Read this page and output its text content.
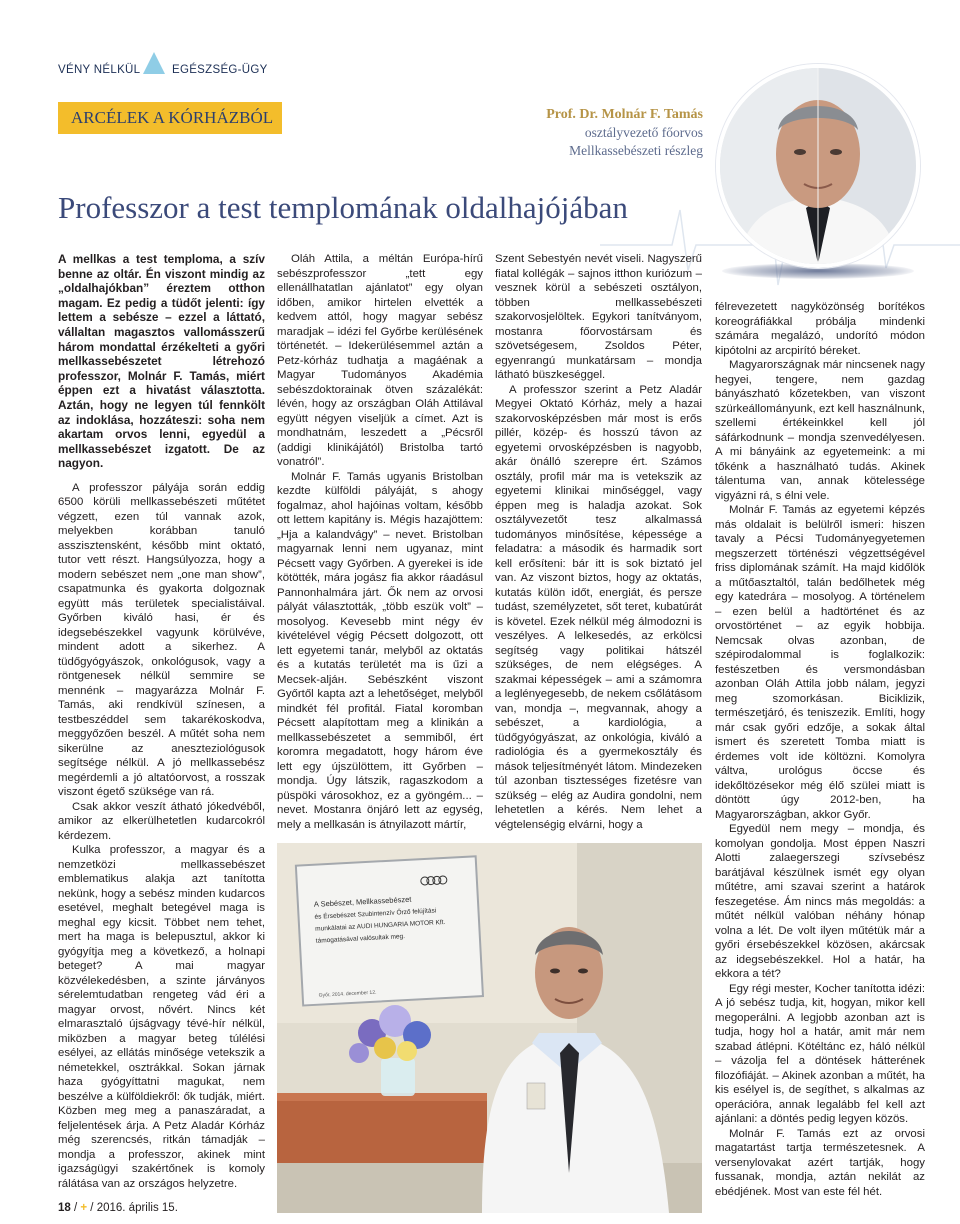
VÉNY NÉLKÜL	EGÉSZSÉG-ÜGY
ARCÉLEK A KÓRHÁZBÓL	Prof. Dr. Molnár F. Tamás
osztályvezető főorvos
Mellkassebészeti részleg
Professzor a test templomának oldalhajójában

A mellkas a test temploma, a szív benne az oltár. Én viszont mindig az „oldalhajókban” éreztem otthon magam. Ez pedig a tüdőt jelenti: így lettem a sebésze – ezzel a láttató, vállaltan magasztos vallomásszerű három mondattal érzékelteti a győri mellkassebészetet létrehozó professzor, Molnár F. Tamás, miért éppen ezt a hivatást választotta. Aztán, hogy ne legyen túl fennkölt az indoklása, hozzáteszi: soha nem akartam orvos lenni, egyedül a mellkassebészet izgatott. De az nagyon.

A professzor pályája során eddig 6500 körüli mellkassebészeti műtétet végzett, ezen túl vannak azok, melyekben korábban tanuló asszisztensként, később mint oktató, tutor vett részt. Hangsúlyozza, hogy a modern sebészet nem „one man show”, csapatmunka és gyakorta dolgoznak együtt más területek specialistáival. Győrben kiváló hasi, ér és idegsebészekkel vagyunk körülvéve, mindent adott a sikerhez. A tüdőgyógyászok, onkológusok, vagy a röntgenesek nélkül semmire se mennénk – magyarázza Molnár F. Tamás, aki rendkívül színesen, a testbeszéddel sem takarékoskodva, meggyőzően beszél. A műtét soha nem sikerülne az aneszteziológusok segítsége nélkül. A jó mellkassebész megérdemli a jó altatóorvost, a rosszak viszont égető szüksége van rá.

Csak akkor veszít átható jókedvéből, amikor az elkerülhetetlen kudarcokról kérdezem.

Kulka professzor, a magyar és a nemzetközi mellkassebészet emblematikus alakja azt tanította nekünk, hogy a sebész minden kudarcos esetével, meghalt betegével maga is meghal egy kicsit. Többet nem tehet, mert ha maga is belepusztul, akkor ki gyógyítja meg a következő, a holnapi beteget? A mai magyar közvélekedésben, a szinte járványos sérelemtudatban rengeteg vád éri a magyar orvost, nővért. Nincs két elmarasztaló újságvagy tévé-hír nélkül, miközben a magyar beteg túlélési esélyei, az ellátás minősége vetekszik a németekkel, osztrákkal. Sokan járnak haza gyógyíttatni magukat, nem beszélve a külföldiekről: ők tudják, miért. Közben meg meg a panaszáradat, a feljelentések árja. A Petz Aladár Kórház még szerencsés, ritkán támadják – mondja a professzor, akinek mint igazságügyi szakértőnek is komoly rálátása van az országos helyzetre.

Oláh Attila, a méltán Európa-hírű sebészprofesszor „tett egy ellenállhatatlan ajánlatot” egy olyan időben, amikor hirtelen elvették a kedvem attól, hogy magyar sebész maradjak – idézi fel Győrbe kerülésének történetét. – Idekerülésemmel aztán a Petz-kórház tudhatja a magáénak a Magyar Tudományos Akadémia sebészdoktorainak ötven százalékát: lévén, hogy az országban Oláh Attilával együtt négyen viseljük a címet. Azt is mondhatnám, leszedett a „Pécsről (addigi klinikájától) Bristolba tartó vonatról”.

Molnár F. Tamás ugyanis Bristolban kezdte külföldi pályáját, s ahogy fogalmaz, ahol hajóinas voltam, később ott lettem kapitány is. Mégis hazajöttem: „Hja a kalandvágy” – nevet. Bristolban magyarnak lenni nem ugyanaz, mint Pécsett vagy Győrben. A gyerekei is ide kötötték, mára jogász fia akkor ráadásul Pannonhalmára járt. Ők nem az orvosi pályát választották, „több eszük volt” – mosolyog. Kevesebb mint négy év kivételével végig Pécsett dolgozott, ott lett egyetemi tanár, melyből az oktatás és a kutatás területét ma is űzi a Mecsek-aljáн. Sebészként viszont Győrtől kapta azt a lehetőséget, melyből mindkét fél profitál. Fiatal koromban Pécsett alapítottam meg a klinikán a mellkassebészetet a semmiből, ért koromra megadatott, hogy három éve lett egy újszülöttem, itt Győrben – mondja. Úgy látszik, ragaszkodom a püspöki városokhoz, ez a gyöngém... – nevet. Mostanra önjáró lett az egység, mely a mellkasán is átnyilazott mártír,

Szent Sebestyén nevét viseli. Nagyszerű fiatal kollégák – sajnos itthon kuriózum – vesznek körül a sebészeti osztályon, többen mellkassebészeti szakorvosjelöltek. Egykori tanítványom, mostanra főorvostársam és szövetségesem, Zsoldos Péter, egyenrangú munkatársam – mondja látható büszkeséggel.

A professzor szerint a Petz Aladár Megyei Oktató Kórház, mely a hazai szakorvosképzésben már most is erős pillér, közép- és hosszú távon az egyetemi orvosképzésben is nagyobb, akár önálló szerepre ért. Számos osztály, profil már ma is vetekszik az egyetemi klinikai minőséggel, vagy éppen meg is haladja azokat. Sok osztályvezetőt tesz alkalmassá tudományos minősítése, képessége a feladatra: a második és harmadik sort kell erősíteni: bár itt is sok biztató jel van. Az viszont biztos, hogy az oktatás, kutatás külön időt, energiát, és persze tudást, személyzetet, sőt teret, kubatúrát is követel. Ezek nélkül még álmodozni is veszélyes. A lelkesedés, az erkölcsi segítség vagy politikai hátszél szükséges, de nem elégséges. A szakmai képességek – ami a számomra a leglényegesebb, de nekem csőlátásom van, mondja –, megvannak, ahogy a sebészet, a kardiológia, a tüdőgyógyászat, az onkológia, kiváló a radiológia és a gyermekosztály és mások teljesítményét látom. Mindezeken túl azonban tisztességes fizetésre van szükség – elég az Audira gondolni, nem lehetetlen a kérés. Nem lehet a végtelenségig elvárni, hogy a

félrevezetett nagyközönség borítékos koreográfiákkal próbálja mindenki számára megalázó, undorító módon kipótolni az arcpirító béreket.

Magyarországnak már nincsenek nagy hegyei, tengere, nem gazdag bányászható kőzetekben, van viszont szürkeállományunk, ezt kell használnunk, szellemi értékeinkkel kell jól sáfárkodnunk – mondja szenvedélyesen. A mi bányáink az egyetemeink: a mi tőkénk a használható tudás. Akinek tálentuma van, annak kötelessége vigyázni rá, s élni vele.

Molnár F. Tamás az egyetemi képzés más oldalait is belülről ismeri: hiszen tavaly a Pécsi Tudományegyetemen megszerzett történészi végzettségével friss diplomának számít. Ha majd kidőlök a műtőasztaltól, talán bedőlhetek még egy katedrára – mosolyog. A történelem – ezen belül a hadtörténet és az orvostörténet – az egyik hobbija. Nemcsak olvas azonban, de szépirodalommal is foglalkozik: festészetben és versmondásban azonban Oláh Attila jobb nálam, jegyzi meg szomorkásan. Biciklizik, természetjáró, és teniszezik. Említi, hogy már csak győri edzője, a sokak által ismert és szeretett Tomba miatt is érdemes volt ide költözni. Komolyra váltva, urológus öccse és idekőltözésekor még élő szülei miatt is döntött úgy 2012-ben, ha Magyarországban, akkor Győr.

Egyedül nem megy – mondja, és komolyan gondolja. Most éppen Naszri Alotti zalaegerszegi szívsebész barátjával készülnek ismét egy olyan műtétre, ami szavai szerint a határok feszegetése. Ám nincs más megoldás: a műtét nélkül valóban néhány hónap volna a lét. De volt ilyen műtétük már a győri érsebészekkel közösen, akárcsak az idegsebészekkel. Hol a határ, ha ekkora a tét?

Egy régi mester, Kocher tanította idézi: A jó sebész tudja, kit, hogyan, mikor kell megoperálni. A legjobb azonban azt is tudja, hogy hol a határ, amit már nem szabad átlépni. Kötéltánc ez, háló nélkül – vázolja fel a döntések hátterének filozófiáját. – Akinek azonban a műtét, ha kis esélyel is, de segíthet, s alkalmas az operációra, annak legalább fel kell azt ajánlani: a döntés pedig legyen közös.

Molnár F. Tamás ezt az orvosi magatartást tartja természetesnek. A versenylovakat azért tartják, hogy fussanak, mondja, aztán nekilát az ebédjének. Most van este fél hét.

A Sebészet, Mellkassebészet
és Érsebészet Szubintenzív Őrző felújítási
munkálatai az AUDI HUNGARIA MOTOR Kft.
támogatásával valósultak meg.
Győr, 2014. december 12.
18 / + / 2016. április 15.
